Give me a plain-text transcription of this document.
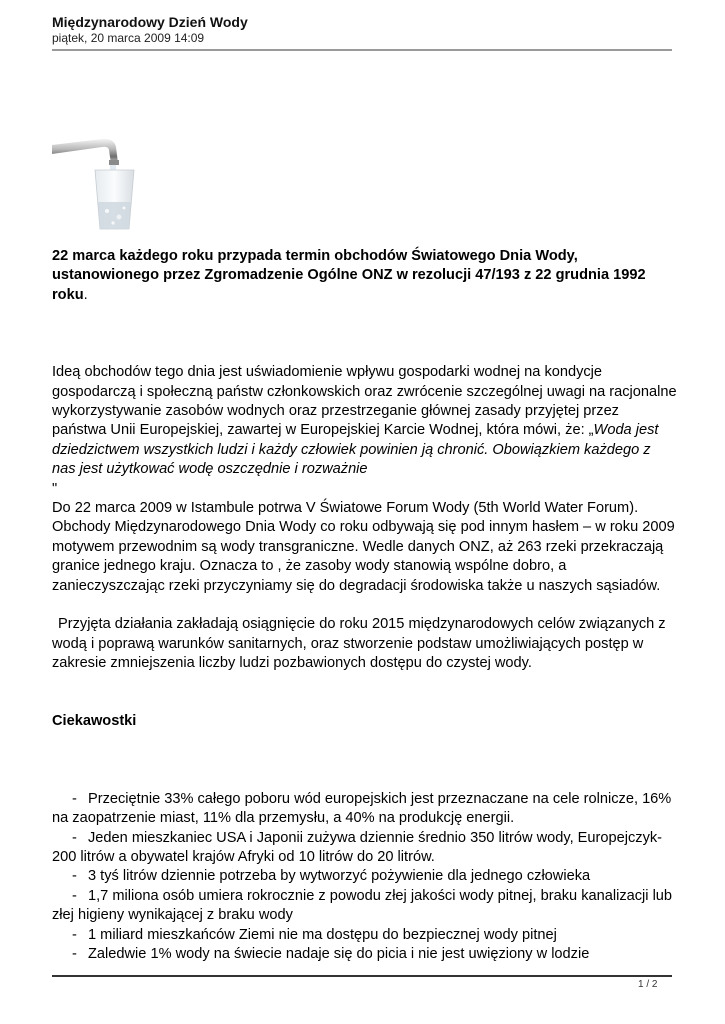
Międzynarodowy Dzień Wody
piątek, 20 marca 2009 14:09

22 marca każdego roku przypada termin obchodów Światowego Dnia Wody, ustanowionego przez Zgromadzenie Ogólne ONZ w rezolucji 47/193 z 22 grudnia 1992 roku.

Ideą obchodów tego dnia jest uświadomienie wpływu gospodarki wodnej na kondycje gospodarczą i społeczną państw członkowskich oraz zwrócenie szczególnej uwagi na racjonalne wykorzystywanie zasobów wodnych oraz przestrzeganie głównej zasady przyjętej przez państwa Unii Europejskiej, zawartej w Europejskiej Karcie Wodnej, która mówi, że: „Woda jest dziedzictwem wszystkich ludzi i każdy człowiek powinien ją chronić. Obowiązkiem każdego z nas jest użytkować wodę oszczędnie i rozważnie
"

Do 22 marca 2009 w Istambule potrwa V Światowe Forum Wody (5th World Water Forum). Obchody Międzynarodowego Dnia Wody co roku odbywają się pod innym hasłem – w roku 2009 motywem przewodnim są wody transgraniczne. Wedle danych ONZ, aż 263 rzeki przekraczają granice jednego kraju. Oznacza to , że zasoby wody stanowią wspólne dobro, a zanieczyszczając rzeki przyczyniamy się do degradacji środowiska także u naszych sąsiadów.

Przyjęta działania zakładają osiągnięcie do roku 2015 międzynarodowych celów związanych z wodą i poprawą warunków sanitarnych, oraz stworzenie podstaw umożliwiających postęp w zakresie zmniejszenia liczby ludzi pozbawionych dostępu do czystej wody.

Ciekawostki

- Przeciętnie 33% całego poboru wód europejskich jest przeznaczane na cele rolnicze, 16% na zaopatrzenie miast, 11% dla przemysłu, a 40% na produkcję energii.

- Jeden mieszkaniec USA i Japonii zużywa dziennie średnio 350 litrów wody, Europejczyk- 200 litrów a obywatel krajów Afryki od 10 litrów do 20 litrów.

- 3 tyś litrów dziennie potrzeba by wytworzyć pożywienie dla jednego człowieka

- 1,7 miliona osób umiera rokrocznie z powodu złej jakości wody pitnej, braku kanalizacji lub złej higieny wynikającej z braku wody

- 1 miliard mieszkańców Ziemi nie ma dostępu do bezpiecznej wody pitnej

- Zaledwie 1% wody na świecie nadaje się do picia i nie jest uwięziony w lodzie

1 / 2
